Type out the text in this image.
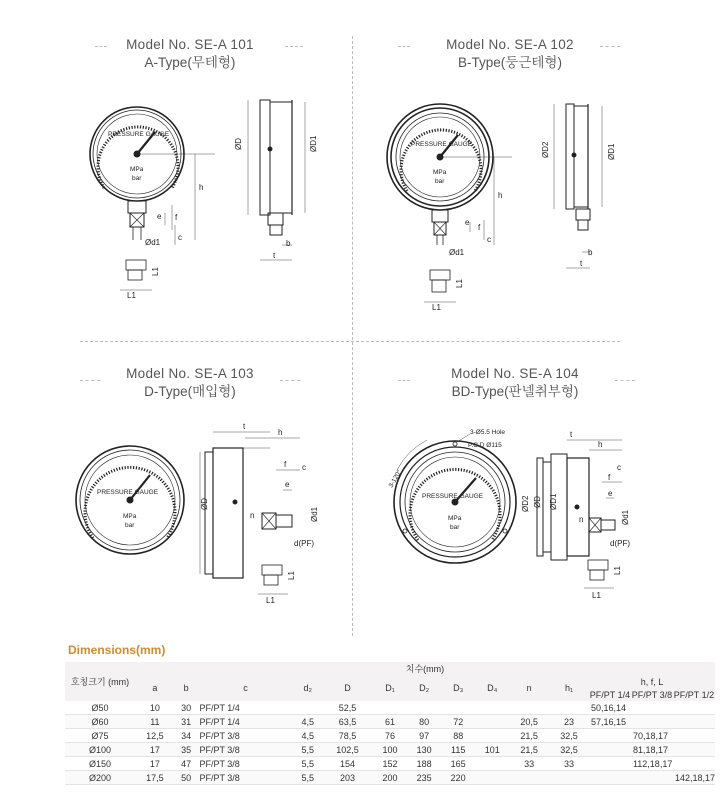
Model No. SE-A 101
A-Type(무테형)
Model No. SE-A 102
B-Type(둥근테형)
Model No. SE-A 103
D-Type(매입형)
Model No. SE-A 104
BD-Type(판넬취부형)
PRESSURE GAUGE
MPa
bar
h
e f
c
Ød1
ØD	ØD1
b
t
L1
L1
PRESSURE GAUGE
MPa
bar
h
e
f
c
Ød1
ØD2	ØD1
b
t
L1
L1
PRESSURE GAUGE
MPa
bar
ØD
t
h
f c
e
n	Ød1
d(PF)
L1
L1
3-Ø5.5 Hole
P.C.D Ø115
3-120°
PRESSURE GAUGE
MPa
bar
ØD2 ØD ØD1
t
h
c
f
e
n	Ød1
d(PF)
L1
L1
Dimensions(mm)
호칭크기 (mm)	치수(mm)													
	a	b	c	d₂	D	D₁	D₂	D₃	D₄	n	h₁	h, f, L		
												PF/PT 1/4	PF/PT 3/8	PF/PT 1/2
Ø50	10	30	PF/PT 1/4		52,5							50,16,14		
Ø60	11	31	PF/PT 1/4	4,5	63,5	61	80	72		20,5	23	57,16,15		
Ø75	12,5	34	PF/PT 3/8	4,5	78,5	76	97	88		21,5	32,5		70,18,17	
Ø100	17	35	PF/PT 3/8	5,5	102,5	100	130	115	101	21,5	32,5		81,18,17	
Ø150	17	47	PF/PT 3/8	5,5	154	152	188	165		33	33		112,18,17	
Ø200	17,5	50	PF/PT 3/8	5,5	203	200	235	220						142,18,17
